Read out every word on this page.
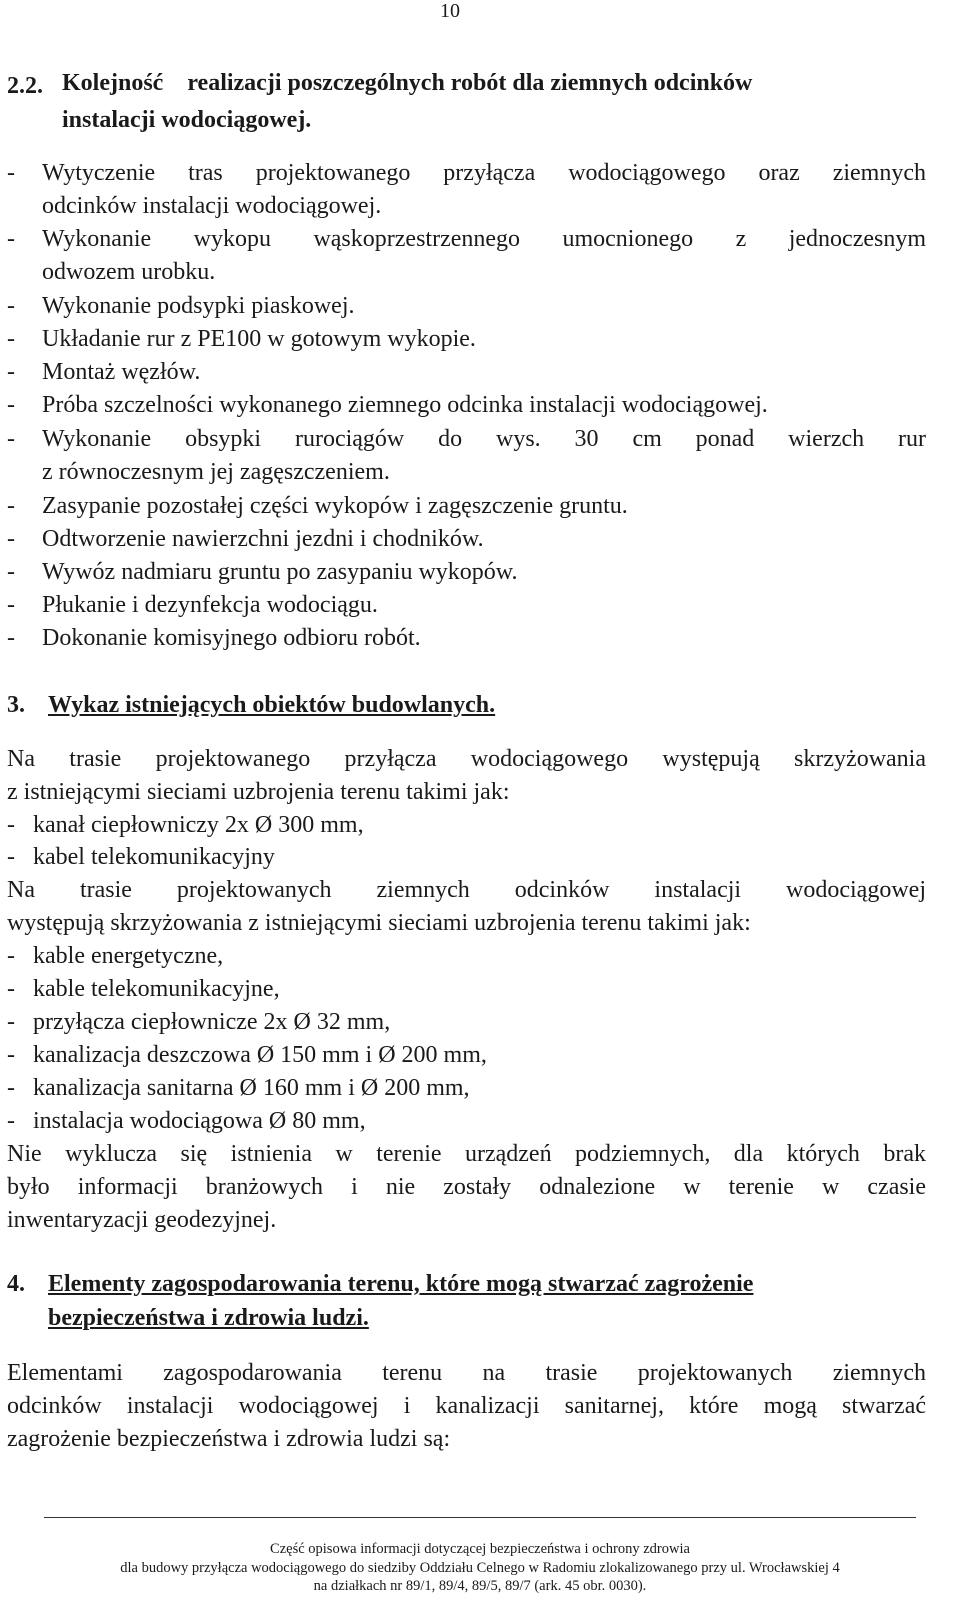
10
2.2. Kolejność    realizacji poszczególnych robót dla ziemnych odcinków
instalacji wodociągowej.
- Wytyczenie tras projektowanego przyłącza wodociągowego oraz ziemnych
odcinków instalacji wodociągowej.
- Wykonanie wykopu wąskoprzestrzennego umocnionego z jednoczesnym
odwozem urobku.
- Wykonanie podsypki piaskowej.
- Układanie rur z PE100 w gotowym wykopie.
- Montaż węzłów.
- Próba szczelności wykonanego ziemnego odcinka instalacji wodociągowej.
- Wykonanie obsypki rurociągów do wys. 30 cm ponad wierzch rur
z równoczesnym jej zagęszczeniem.
- Zasypanie pozostałej części wykopów i zagęszczenie gruntu.
- Odtworzenie nawierzchni jezdni i chodników.
- Wywóz nadmiaru gruntu po zasypaniu wykopów.
- Płukanie i dezynfekcja wodociągu.
- Dokonanie komisyjnego odbioru robót.
3. Wykaz istniejących obiektów budowlanych.
Na trasie projektowanego przyłącza wodociągowego występują skrzyżowania
z istniejącymi sieciami uzbrojenia terenu takimi jak:
- kanał ciepłowniczy 2x Ø 300 mm,
- kabel telekomunikacyjny
Na trasie projektowanych ziemnych odcinków instalacji wodociągowej
występują skrzyżowania z istniejącymi sieciami uzbrojenia terenu takimi jak:
- kable energetyczne,
- kable telekomunikacyjne,
- przyłącza ciepłownicze 2x Ø 32 mm,
- kanalizacja deszczowa Ø 150 mm i Ø 200 mm,
- kanalizacja sanitarna Ø 160 mm i Ø 200 mm,
- instalacja wodociągowa Ø 80 mm,
Nie wyklucza się istnienia w terenie urządzeń podziemnych, dla których brak
było informacji branżowych i nie zostały odnalezione w terenie w czasie
inwentaryzacji geodezyjnej.
4. Elementy zagospodarowania terenu, które mogą stwarzać zagrożenie
bezpieczeństwa i zdrowia ludzi.
Elementami zagospodarowania terenu na trasie projektowanych ziemnych
odcinków instalacji wodociągowej i kanalizacji sanitarnej, które mogą stwarzać
zagrożenie bezpieczeństwa i zdrowia ludzi są:
Część opisowa informacji dotyczącej bezpieczeństwa i ochrony zdrowia
dla budowy przyłącza wodociągowego do siedziby Oddziału Celnego w Radomiu zlokalizowanego przy ul. Wrocławskiej 4
na działkach nr 89/1, 89/4, 89/5, 89/7 (ark. 45 obr. 0030).
